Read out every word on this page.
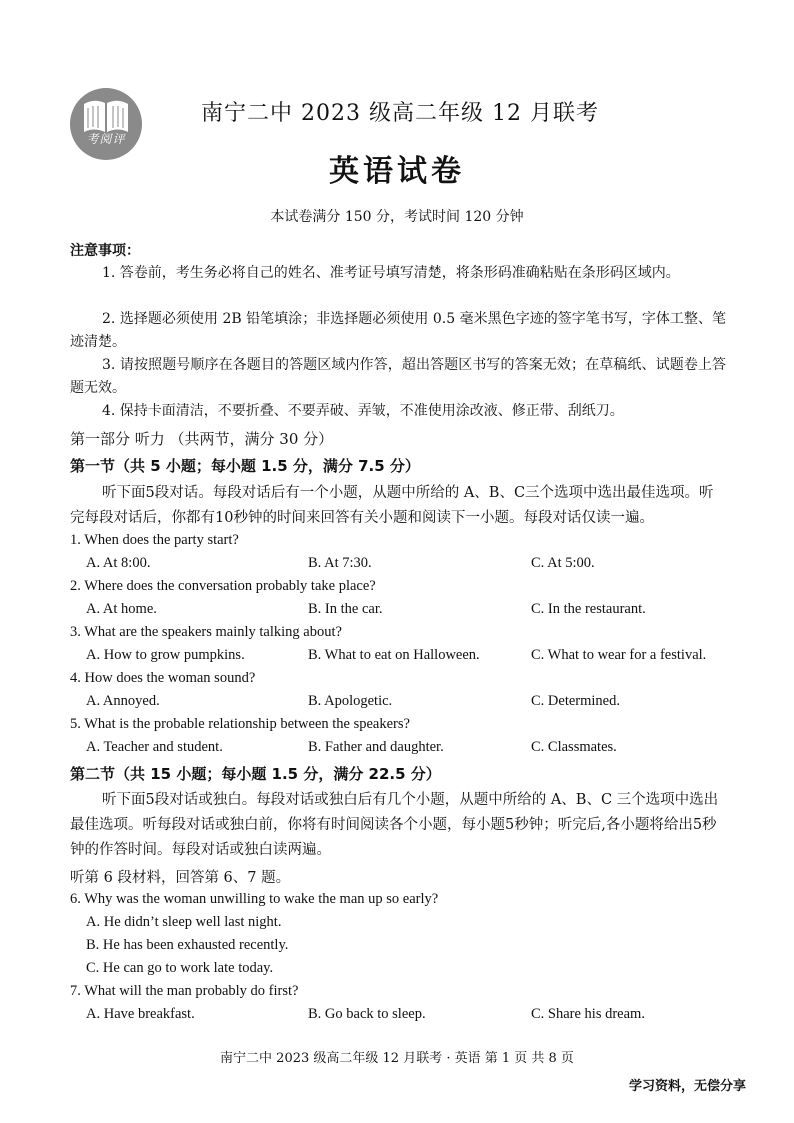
考阅评
南宁二中 2023 级高二年级 12 月联考
英语试卷
本试卷满分 150 分，考试时间 120 分钟
注意事项：

1. 答卷前，考生务必将自己的姓名、准考证号填写清楚，将条形码准确粘贴在条形码区域内。

2. 选择题必须使用 2B 铅笔填涂；非选择题必须使用 0.5 毫米黑色字迹的签字笔书写，字体工整、笔迹清楚。

3. 请按照题号顺序在各题目的答题区域内作答，超出答题区书写的答案无效；在草稿纸、试题卷上答题无效。

4. 保持卡面清洁，不要折叠、不要弄破、弄皱，不准使用涂改液、修正带、刮纸刀。

第一部分 听力 （共两节，满分 30 分）
第一节（共 5 小题；每小题 1.5 分，满分 7.5 分）

听下面5段对话。每段对话后有一个小题，从题中所给的 A、B、C三个选项中选出最佳选项。听完每段对话后，你都有10秒钟的时间来回答有关小题和阅读下一小题。每段对话仅读一遍。

1. When does the party start?
A. At 8:00.	B. At 7:30.	C. At 5:00.
2. Where does the conversation probably take place?
A. At home.	B. In the car.	C. In the restaurant.
3. What are the speakers mainly talking about?
A. How to grow pumpkins.	B. What to eat on Halloween.	C. What to wear for a festival.
4. How does the woman sound?
A. Annoyed.	B. Apologetic.	C. Determined.
5. What is the probable relationship between the speakers?
A. Teacher and student.	B. Father and daughter.	C. Classmates.
第二节（共 15 小题；每小题 1.5 分，满分 22.5 分）

听下面5段对话或独白。每段对话或独白后有几个小题，从题中所给的 A、B、C 三个选项中选出最佳选项。听每段对话或独白前，你将有时间阅读各个小题，每小题5秒钟；听完后,各小题将给出5秒钟的作答时间。每段对话或独白读两遍。

听第 6 段材料，回答第 6、7 题。
6. Why was the woman unwilling to wake the man up so early?
A. He didn’t sleep well last night.
B. He has been exhausted recently.
C. He can go to work late today.
7. What will the man probably do first?
A. Have breakfast.	B. Go back to sleep.	C. Share his dream.
南宁二中 2023 级高二年级 12 月联考 · 英语 第 1 页 共 8 页
学习资料，无偿分享
